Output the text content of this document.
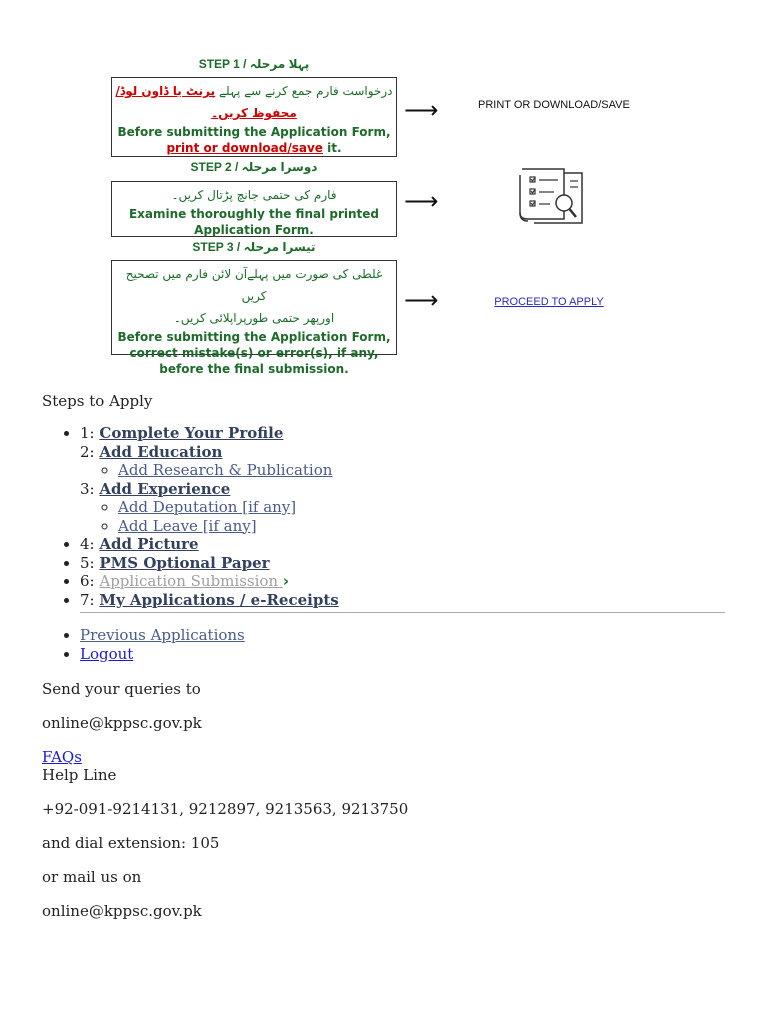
STEP 1 / پہلا مرحلہ
درخواست فارم جمع کرنے سے پہلے پرنٹ یا ڈاون لوڈ/ محفوظ کریں۔
Before submitting the Application Form, print or download/save it.
⟶	PRINT OR DOWNLOAD/SAVE
STEP 2 / دوسرا مرحلہ
فارم کی حتمی جانچ پڑتال کریں۔
Examine thoroughly the final printed Application Form.
⟶
STEP 3 / تیسرا مرحلہ
غلطی کی صورت میں پہلےآن لائن فارم میں تصحیح کریں
اورپھر حتمی طورپراپلائی کریں۔
Before submitting the Application Form, correct mistake(s) or error(s), if any, before the final submission.
⟶	PROCEED TO APPLY
Steps to Apply
• 1: Complete Your Profile
2: Add Education
◦ Add Research & Publication
3: Add Experience
◦ Add Deputation [if any]
◦ Add Leave [if any]
• 4: Add Picture
• 5: PMS Optional Paper
• 6: Application Submission ›
• 7: My Applications / e-Receipts
• Previous Applications
• Logout
Send your queries to
online@kppsc.gov.pk
FAQs
Help Line
+92-091-9214131, 9212897, 9213563, 9213750
and dial extension: 105
or mail us on
online@kppsc.gov.pk
